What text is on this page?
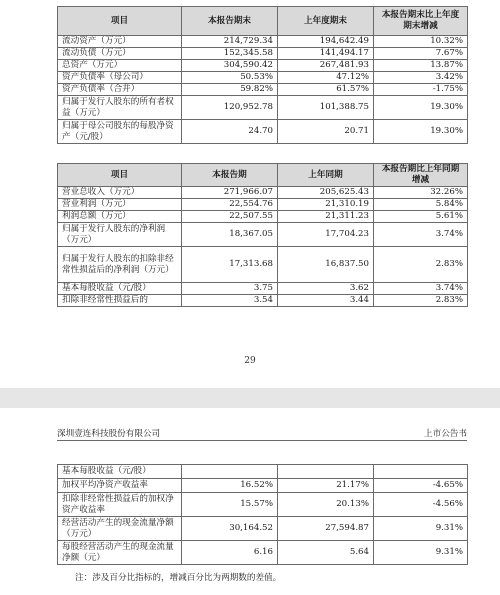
项目	本报告期末	上年度期末	本报告期末比上年度期末增减
流动资产（万元）	214,729.34	194,642.49	10.32%
流动负债（万元）	152,345.58	141,494.17	7.67%
总资产（万元）	304,590.42	267,481.93	13.87%
资产负债率（母公司）	50.53%	47.12%	3.42%
资产负债率（合并）	59.82%	61.57%	-1.75%
归属于发行人股东的所有者权益（万元）	120,952.78	101,388.75	19.30%
归属于母公司股东的每股净资产（元/股）	24.70	20.71	19.30%
项目	本报告期	上年同期	本报告期比上年同期增减
营业总收入（万元）	271,966.07	205,625.43	32.26%
营业利润（万元）	22,554.76	21,310.19	5.84%
利润总额（万元）	22,507.55	21,311.23	5.61%
归属于发行人股东的净利润（万元）	18,367.05	17,704.23	3.74%
归属于发行人股东的扣除非经常性损益后的净利润（万元）	17,313.68	16,837.50	2.83%
基本每股收益（元/股）	3.75	3.62	3.74%
扣除非经常性损益后的	3.54	3.44	2.83%
29
深圳壹连科技股份有限公司	上市公告书
基本每股收益（元/股）			
加权平均净资产收益率	16.52%	21.17%	-4.65%
扣除非经常性损益后的加权净资产收益率	15.57%	20.13%	-4.56%
经营活动产生的现金流量净额（万元）	30,164.52	27,594.87	9.31%
每股经营活动产生的现金流量净额（元）	6.16	5.64	9.31%
注：涉及百分比指标的，增减百分比为两期数的差值。
